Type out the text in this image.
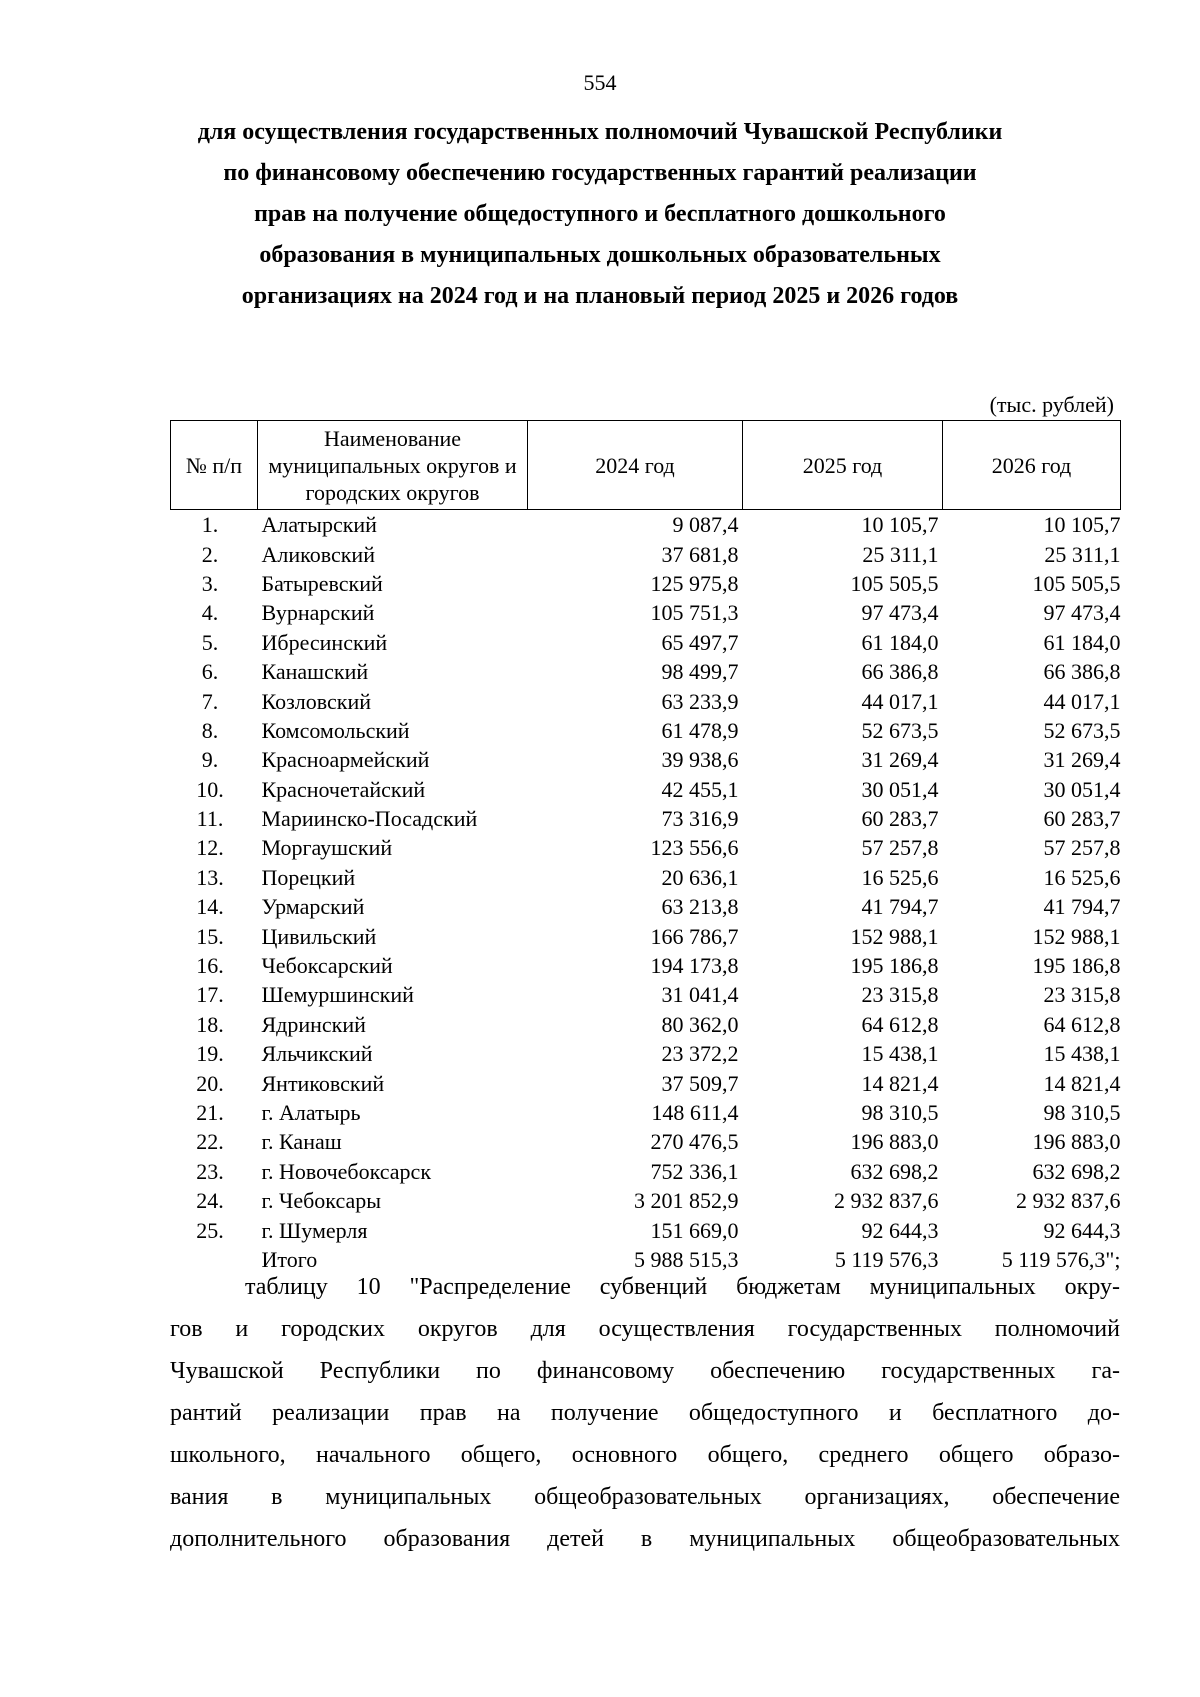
554
для осуществления государственных полномочий Чувашской Республики
по финансовому обеспечению государственных гарантий реализации
прав на получение общедоступного и бесплатного дошкольного
образования в муниципальных дошкольных образовательных
организациях на 2024 год и на плановый период 2025 и 2026 годов
(тыс. рублей)
№ п/п	Наименование муниципальных округов и городских округов	2024 год	2025 год	2026 год
1.	Алатырский	9 087,4	10 105,7	10 105,7
2.	Аликовский	37 681,8	25 311,1	25 311,1
3.	Батыревский	125 975,8	105 505,5	105 505,5
4.	Вурнарский	105 751,3	97 473,4	97 473,4
5.	Ибресинский	65 497,7	61 184,0	61 184,0
6.	Канашский	98 499,7	66 386,8	66 386,8
7.	Козловский	63 233,9	44 017,1	44 017,1
8.	Комсомольский	61 478,9	52 673,5	52 673,5
9.	Красноармейский	39 938,6	31 269,4	31 269,4
10.	Красночетайский	42 455,1	30 051,4	30 051,4
11.	Мариинско-Посадский	73 316,9	60 283,7	60 283,7
12.	Моргаушский	123 556,6	57 257,8	57 257,8
13.	Порецкий	20 636,1	16 525,6	16 525,6
14.	Урмарский	63 213,8	41 794,7	41 794,7
15.	Цивильский	166 786,7	152 988,1	152 988,1
16.	Чебоксарский	194 173,8	195 186,8	195 186,8
17.	Шемуршинский	31 041,4	23 315,8	23 315,8
18.	Ядринский	80 362,0	64 612,8	64 612,8
19.	Яльчикский	23 372,2	15 438,1	15 438,1
20.	Янтиковский	37 509,7	14 821,4	14 821,4
21.	г. Алатырь	148 611,4	98 310,5	98 310,5
22.	г. Канаш	270 476,5	196 883,0	196 883,0
23.	г. Новочебоксарск	752 336,1	632 698,2	632 698,2
24.	г. Чебоксары	3 201 852,9	2 932 837,6	2 932 837,6
25.	г. Шумерля	151 669,0	92 644,3	92 644,3
	Итого	5 988 515,3	5 119 576,3	5 119 576,3";
таблицу 10 "Распределение субвенций бюджетам муниципальных окру-
гов и городских округов для осуществления государственных полномочий
Чувашской Республики по финансовому обеспечению государственных га-
рантий реализации прав на получение общедоступного и бесплатного до-
школьного, начального общего, основного общего, среднего общего образо-
вания в муниципальных общеобразовательных организациях, обеспечение
дополнительного образования детей в муниципальных общеобразовательных
